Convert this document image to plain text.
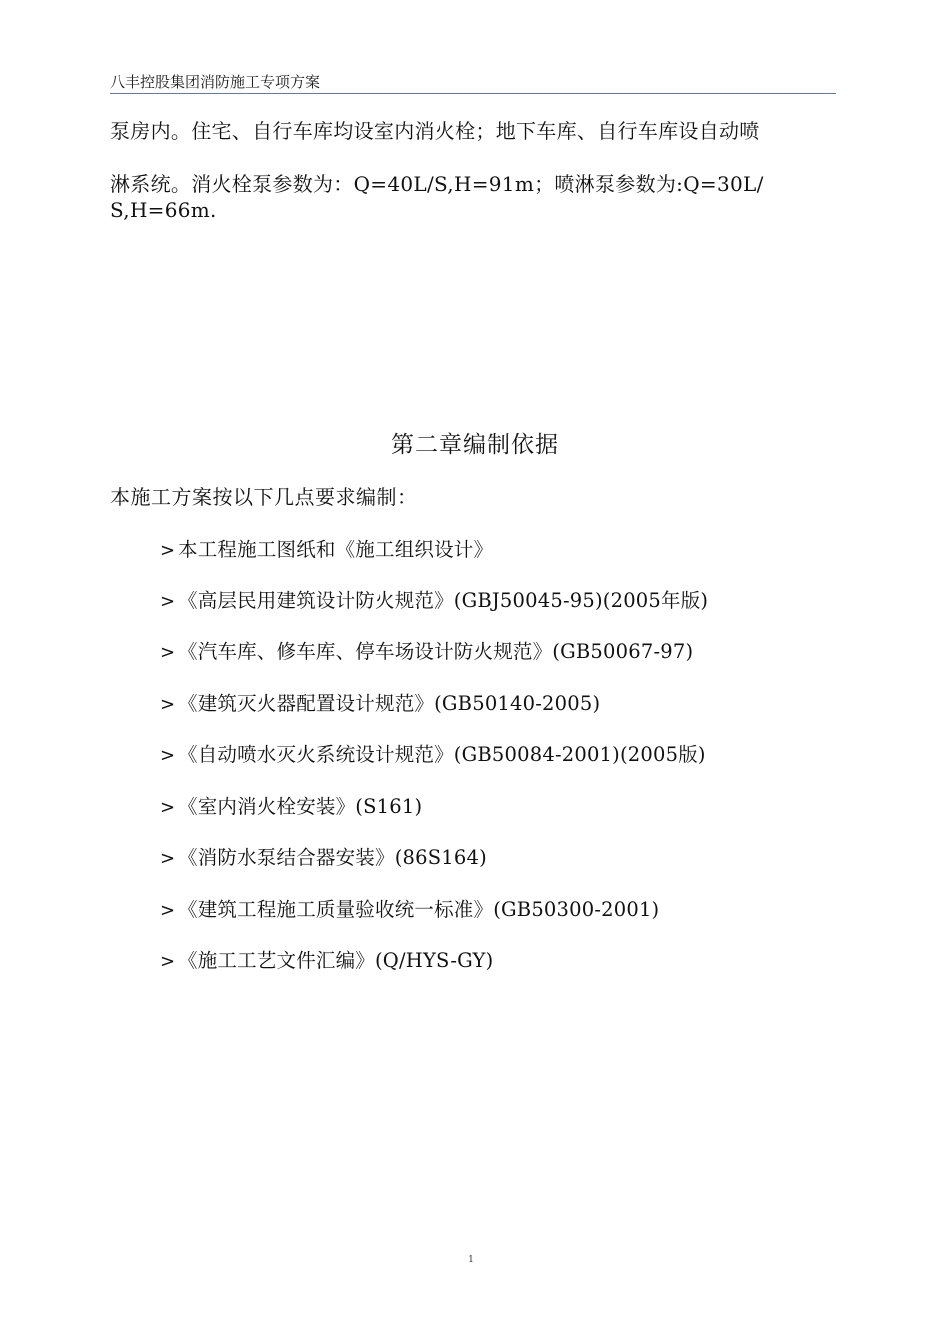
八丰控股集团消防施工专项方案
泵房内。住宅、自行车库均设室内消火栓；地下车库、自行车库设自动喷
淋系统。消火栓泵参数为：Q=40L/S,H=91m；喷淋泵参数为:Q=30L/
S,H=66m.
第二章编制依据
本施工方案按以下几点要求编制：
> 本工程施工图纸和《施工组织设计》
> 《高层民用建筑设计防火规范》(GBJ50045-95)(2005年版)
> 《汽车库、修车库、停车场设计防火规范》(GB50067-97)
> 《建筑灭火器配置设计规范》(GB50140-2005)
> 《自动喷水灭火系统设计规范》(GB50084-2001)(2005版)
> 《室内消火栓安装》(S161)
> 《消防水泵结合器安装》(86S164)
> 《建筑工程施工质量验收统一标准》(GB50300-2001)
> 《施工工艺文件汇编》(Q/HYS-GY)
1
